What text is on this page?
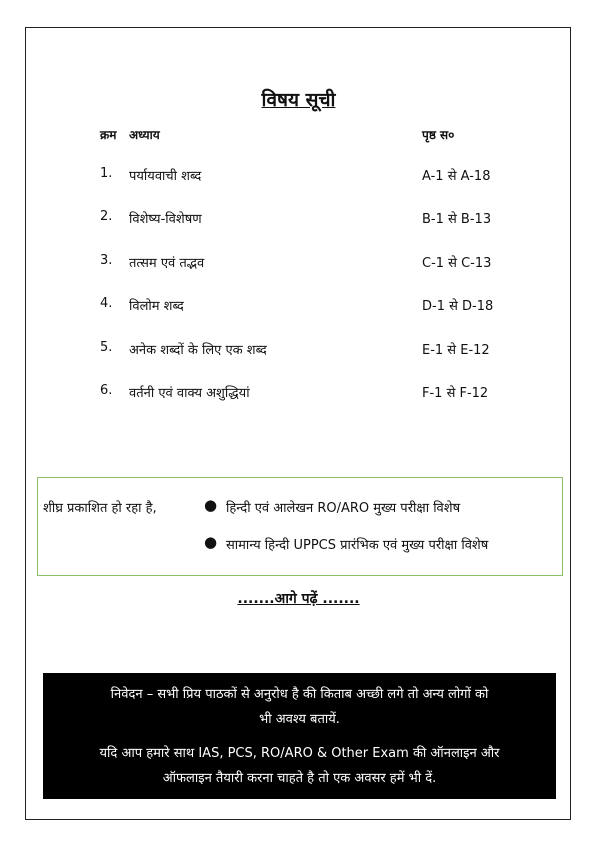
विषय सूची
क्रम अध्याय	पृष्ठ स०
1. पर्यायवाची शब्द	A-1 से A-18
2. विशेष्य-विशेषण	B-1 से B-13
3. तत्सम एवं तद्भव	C-1 से C-13
4. विलोम शब्द	D-1 से D-18
5. अनेक शब्दों के लिए एक शब्द	E-1 से E-12
6. वर्तनी एवं वाक्य अशुद्धियां	F-1 से F-12
शीघ्र प्रकाशित हो रहा है,	● हिन्दी एवं आलेखन RO/ARO मुख्य परीक्षा विशेष
● सामान्य हिन्दी UPPCS प्रारंभिक एवं मुख्य परीक्षा विशेष
.......आगे पढ़ें .......
निवेदन – सभी प्रिय पाठकों से अनुरोध है की किताब अच्छी लगे तो अन्य लोगों को
भी अवश्य बतायें.
यदि आप हमारे साथ IAS, PCS, RO/ARO & Other Exam की ऑनलाइन और
ऑफलाइन तैयारी करना चाहते है तो एक अवसर हमें भी दें.
